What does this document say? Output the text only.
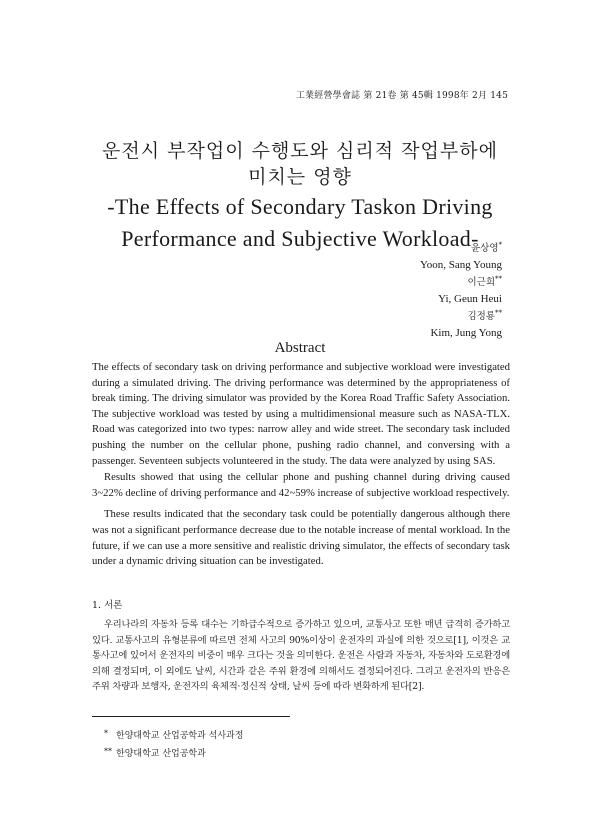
工業經營學會誌 第 21卷 第 45輯 1998年 2月 145
운전시 부작업이 수행도와 심리적 작업부하에
미치는 영향
-The Effects of Secondary Taskon Driving
Performance and Subjective Workload-
윤상영*
Yoon, Sang Young
이근희**
Yi, Geun Heui
김정룡**
Kim, Jung Yong
Abstract

The effects of secondary task on driving performance and subjective workload were investigated during a simulated driving. The driving performance was determined by the appropriateness of break timing. The driving simulator was provided by the Korea Road Traffic Safety Association. The subjective workload was tested by using a multidimensional measure such as NASA-TLX. Road was categorized into two types: narrow alley and wide street. The secondary task included pushing the number on the cellular phone, pushing radio channel, and conversing with a passenger. Seventeen subjects volunteered in the study. The data were analyzed by using SAS.

Results showed that using the cellular phone and pushing channel during driving caused 3~22% decline of driving performance and 42~59% increase of subjective workload respectively.

These results indicated that the secondary task could be potentially dangerous although there was not a significant performance decrease due to the notable increase of mental workload. In the future, if we can use a more sensitive and realistic driving simulator, the effects of secondary task under a dynamic driving situation can be investigated.

1. 서론

우리나라의 자동차 등록 대수는 기하급수적으로 증가하고 있으며, 교통사고 또한 매년 급격히 증가하고 있다. 교통사고의 유형분류에 따르면 전체 사고의 90%이상이 운전자의 과실에 의한 것으로[1], 이것은 교통사고에 있어서 운전자의 비중이 매우 크다는 것을 의미한다. 운전은 사람과 자동차, 자동차와 도로환경에 의해 결정되며, 이 외에도 날씨, 시간과 같은 주위 환경에 의해서도 결정되어진다. 그리고 운전자의 반응은 주위 차량과 보행자, 운전자의 육체적·정신적 상태, 날씨 등에 따라 변화하게 된다[2].

* 한양대학교 산업공학과 석사과정
** 한양대학교 산업공학과
